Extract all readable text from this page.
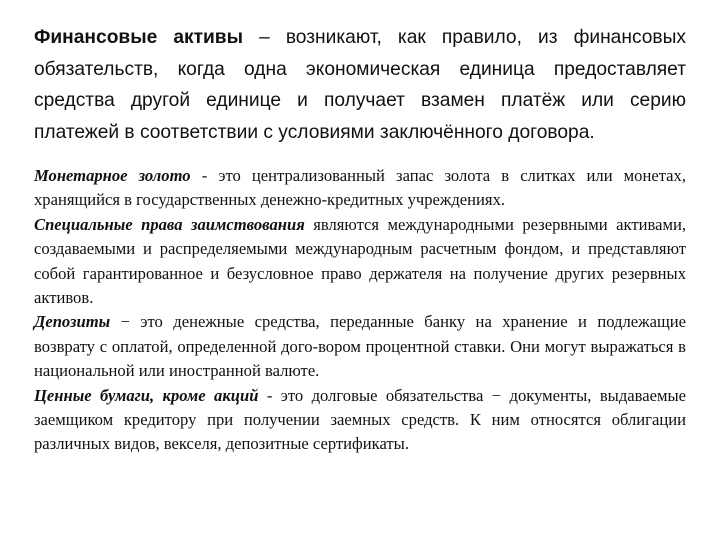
Финансовые активы – возникают, как правило, из финансовых обязательств, когда одна экономическая единица предоставляет средства другой единице и получает взамен платёж или серию платежей в соответствии с условиями заключённого договора.

Монетарное золото - это централизованный запас золота в слитках или монетах, хранящийся в государственных денежно-кредитных учреждениях.

Специальные права заимствования являются международными резервными активами, создаваемыми и распределяемыми международным расчетным фондом, и представляют собой гарантированное и безусловное право держателя на получение других резервных активов.

Депозиты − это денежные средства, переданные банку на хранение и подлежащие возврату с оплатой, определенной дого-вором процентной ставки. Они могут выражаться в национальной или иностранной валюте.

Ценные бумаги, кроме акций - это долговые обязательства − документы, выдаваемые заемщиком кредитору при получении заемных средств. К ним относятся облигации различных видов, векселя, депозитные сертификаты.
